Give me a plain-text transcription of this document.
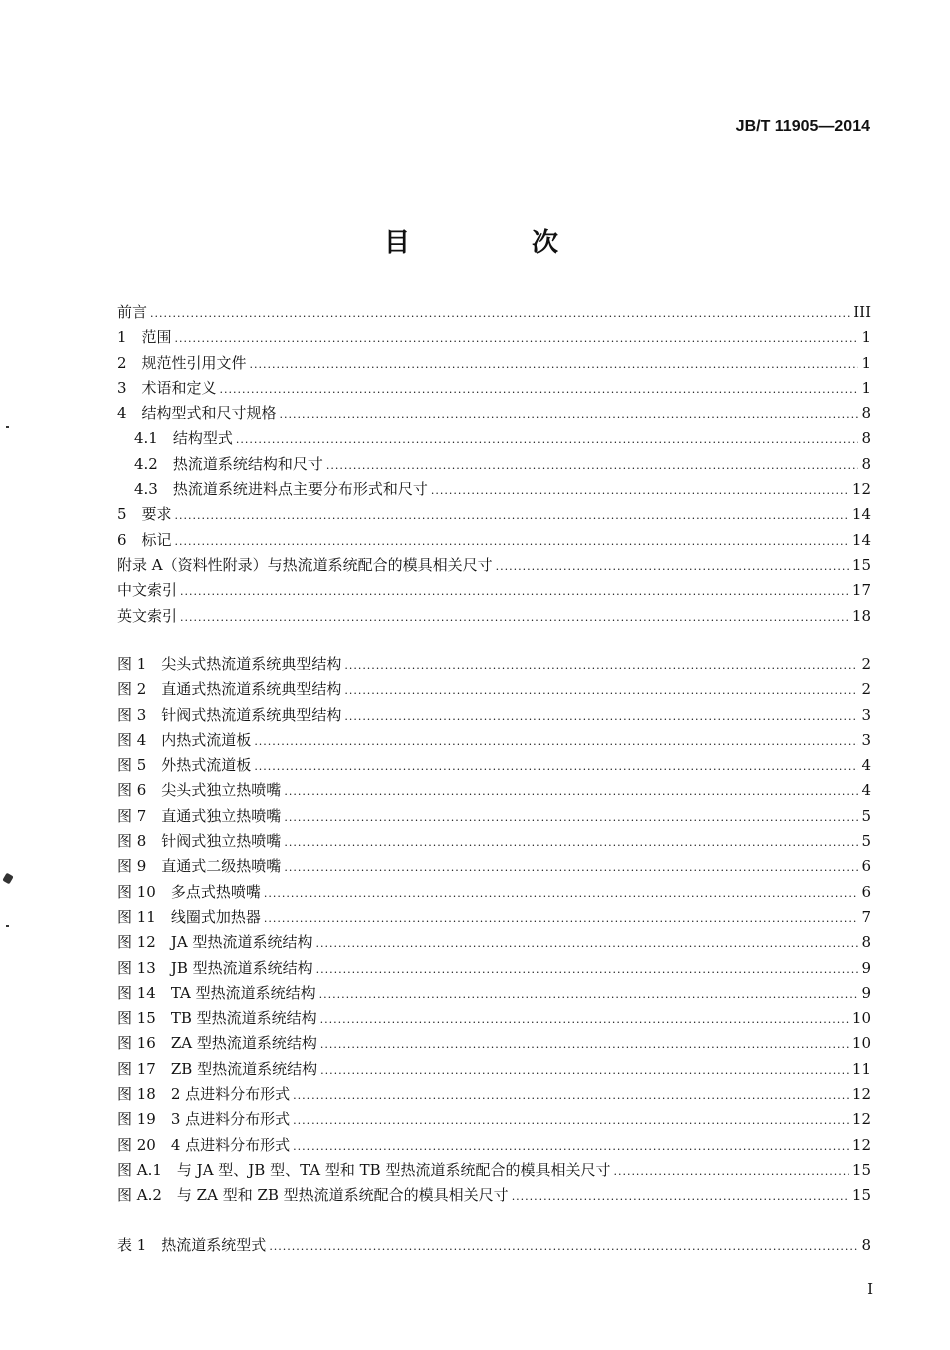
JB/T 11905—2014
目　次
前言 .....	III
1　范围 .....	1
2　规范性引用文件 .....	1
3　术语和定义 .....	1
4　结构型式和尺寸规格 .....	8
4.1　结构型式 .....	8
4.2　热流道系统结构和尺寸 .....	8
4.3　热流道系统进料点主要分布形式和尺寸 .....	12
5　要求 .....	14
6　标记 .....	14
附录 A（资料性附录）与热流道系统配合的模具相关尺寸 .....	15
中文索引 .....	17
英文索引 .....	18
图 1　尖头式热流道系统典型结构 .....	2
图 2　直通式热流道系统典型结构 .....	2
图 3　针阀式热流道系统典型结构 .....	3
图 4　内热式流道板 .....	3
图 5　外热式流道板 .....	4
图 6　尖头式独立热喷嘴 .....	4
图 7　直通式独立热喷嘴 .....	5
图 8　针阀式独立热喷嘴 .....	5
图 9　直通式二级热喷嘴 .....	6
图 10　多点式热喷嘴 .....	6
图 11　线圈式加热器 .....	7
图 12　JA 型热流道系统结构 .....	8
图 13　JB 型热流道系统结构 .....	9
图 14　TA 型热流道系统结构 .....	9
图 15　TB 型热流道系统结构 .....	10
图 16　ZA 型热流道系统结构 .....	10
图 17　ZB 型热流道系统结构 .....	11
图 18　2 点进料分布形式 .....	12
图 19　3 点进料分布形式 .....	12
图 20　4 点进料分布形式 .....	12
图 A.1　与 JA 型、JB 型、TA 型和 TB 型热流道系统配合的模具相关尺寸 .....	15
图 A.2　与 ZA 型和 ZB 型热流道系统配合的模具相关尺寸 .....	15
表 1　热流道系统型式 .....	8
I
